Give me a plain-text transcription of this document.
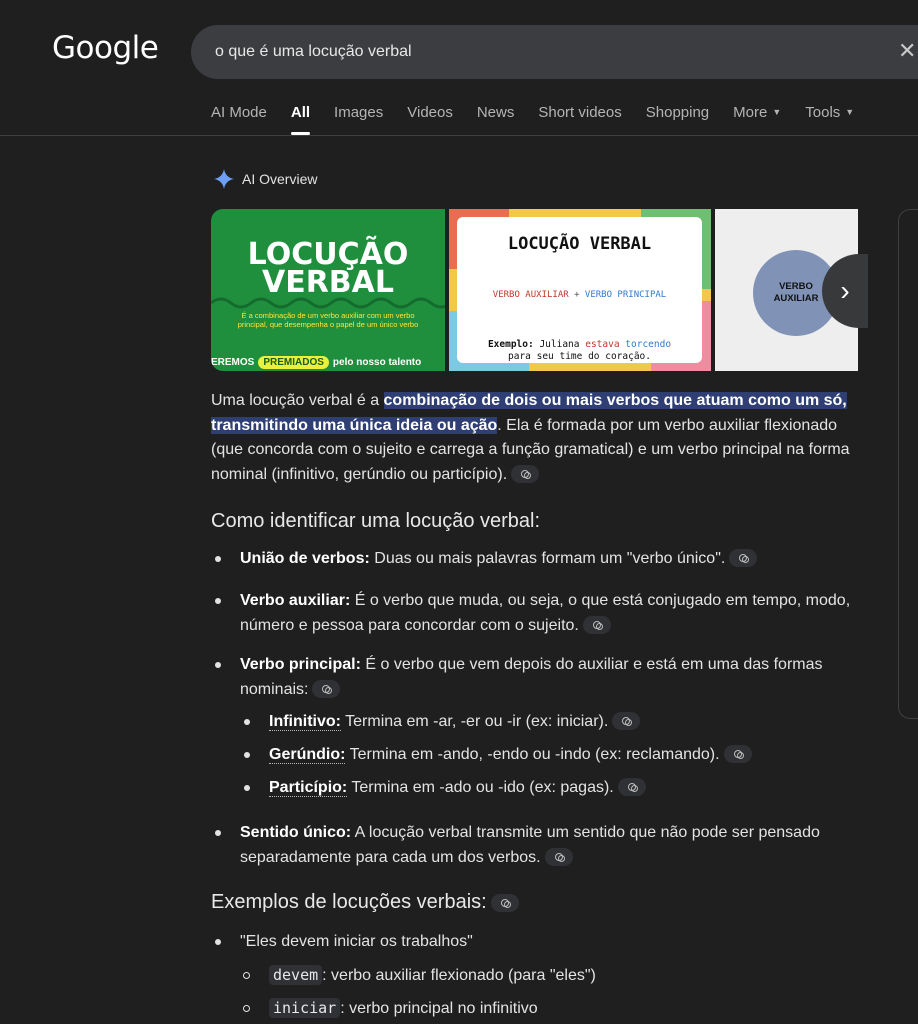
Google
o que é uma locução verbal	✕
AI Mode All Images Videos News Short videos Shopping More ▼ Tools ▼
AI Overview
LOCUÇÃO
VERBAL
É a combinação de um verbo auxiliar com um verbo
principal, que desempenha o papel de um único verbo
EREMOS PREMIADOS pelo nosso talento
LOCUÇÃO VERBAL
VERBO AUXILIAR + VERBO PRINCIPAL
Exemplo: Juliana estava torcendo
para seu time do coração.
VERBO
AUXILIAR ›
Uma locução verbal é a combinação de dois ou mais verbos que atuam como um só, transmitindo uma única ideia ou ação. Ela é formada por um verbo auxiliar flexionado (que concorda com o sujeito e carrega a função gramatical) e um verbo principal na forma nominal (infinitivo, gerúndio ou particípio).
Como identificar uma locução verbal:
União de verbos: Duas ou mais palavras formam um "verbo único".
Verbo auxiliar: É o verbo que muda, ou seja, o que está conjugado em tempo, modo, número e pessoa para concordar com o sujeito.
Verbo principal: É o verbo que vem depois do auxiliar e está em uma das formas nominais:
Infinitivo: Termina em -ar, -er ou -ir (ex: iniciar).
Gerúndio: Termina em -ando, -endo ou -indo (ex: reclamando).
Particípio: Termina em -ado ou -ido (ex: pagas).
Sentido único: A locução verbal transmite um sentido que não pode ser pensado separadamente para cada um dos verbos.
Exemplos de locuções verbais:
"Eles devem iniciar os trabalhos"
devem : verbo auxiliar flexionado (para "eles")
iniciar : verbo principal no infinitivo
